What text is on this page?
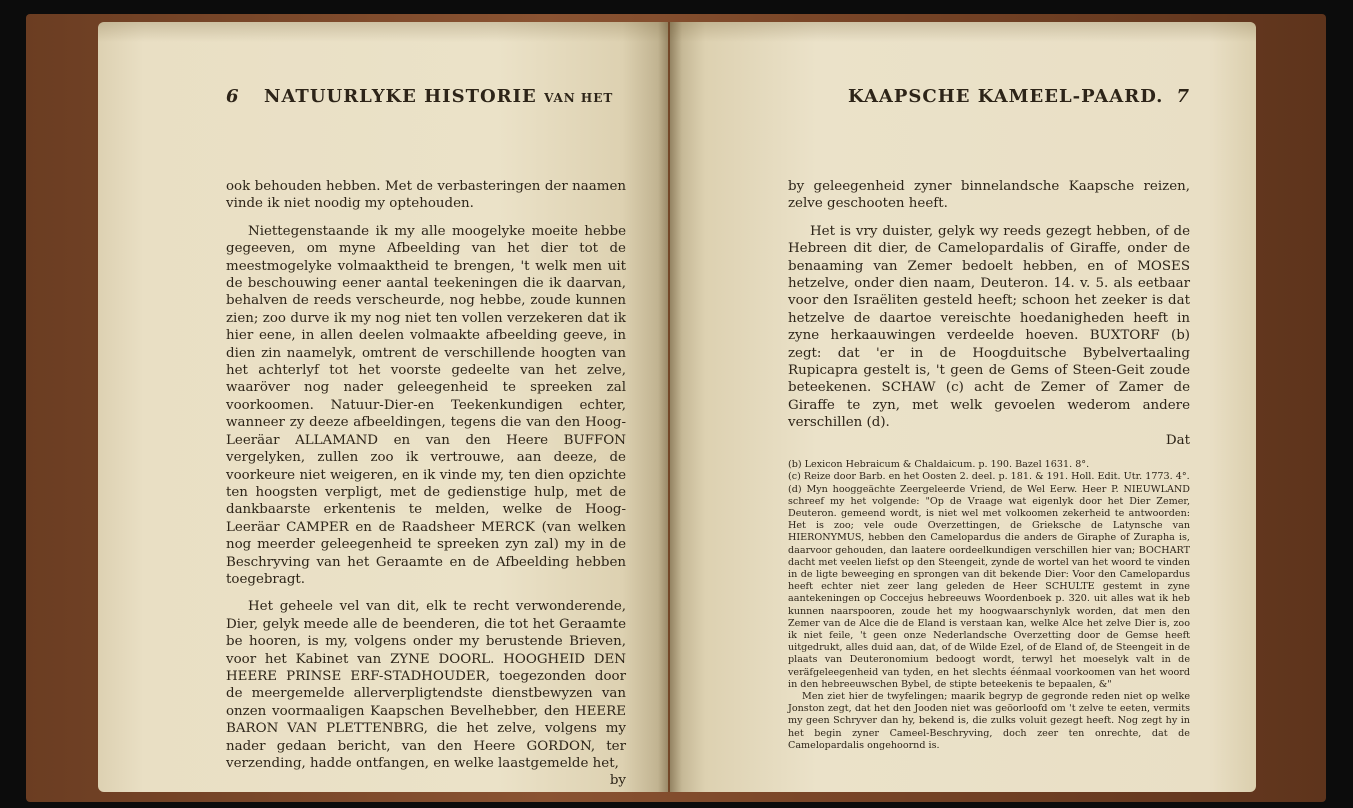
6 NATUURLYKE HISTORIE VAN HET

ook behouden hebben. Met de verbasteringen der naamen vinde ik niet noodig my optehouden.

Niettegenstaande ik my alle moogelyke moeite hebbe gegeeven, om myne Afbeelding van het dier tot de meestmogelyke volmaaktheid te brengen, 't welk men uit de beschouwing eener aantal teekeningen die ik daarvan, behalven de reeds verscheurde, nog hebbe, zoude kunnen zien; zoo durve ik my nog niet ten vollen verzekeren dat ik hier eene, in allen deelen volmaakte afbeelding geeve, in dien zin naamelyk, omtrent de verschillende hoogten van het achterlyf tot het voorste gedeelte van het zelve, waaröver nog nader geleegenheid te spreeken zal voorkoomen. Natuur-Dier-en Teekenkundigen echter, wanneer zy deeze afbeeldingen, tegens die van den Hoog-Leeräar ALLAMAND en van den Heere BUFFON vergelyken, zullen zoo ik vertrouwe, aan deeze, de voorkeure niet weigeren, en ik vinde my, ten dien opzichte ten hoogsten verpligt, met de gedienstige hulp, met de dankbaarste erkentenis te melden, welke de Hoog-Leeräar CAMPER en de Raadsheer MERCK (van welken nog meerder geleegenheid te spreeken zyn zal) my in de Beschryving van het Geraamte en de Afbeelding hebben toegebragt.

Het geheele vel van dit, elk te recht verwonderende, Dier, gelyk meede alle de beenderen, die tot het Geraamte be hooren, is my, volgens onder my berustende Brieven, voor het Kabinet van ZYNE DOORL. HOOGHEID DEN HEERE PRINSE ERF-STADHOUDER, toegezonden door de meergemelde allerverpligtendste dienstbewyzen van onzen voormaaligen Kaapschen Bevelhebber, den HEERE BARON VAN PLETTENBRG, die het zelve, volgens my nader gedaan bericht, van den Heere GORDON, ter verzending, hadde ontfangen, en welke laastgemelde het,

by

KAAPSCHE KAMEEL-PAARD. 7

by geleegenheid zyner binnelandsche Kaapsche reizen, zelve geschooten heeft.

Het is vry duister, gelyk wy reeds gezegt hebben, of de Hebreen dit dier, de Camelopardalis of Giraffe, onder de benaaming van Zemer bedoelt hebben, en of MOSES hetzelve, onder dien naam, Deuteron. 14. v. 5. als eetbaar voor den Israëliten gesteld heeft; schoon het zeeker is dat hetzelve de daartoe vereischte hoedanigheden heeft in zyne herkaauwingen verdeelde hoeven. BUXTORF (b) zegt: dat 'er in de Hoogduitsche Bybelvertaaling Rupicapra gestelt is, 't geen de Gems of Steen-Geit zoude beteekenen. SCHAW (c) acht de Zemer of Zamer de Giraffe te zyn, met welk gevoelen wederom andere verschillen (d).

Dat

(b) Lexicon Hebraicum & Chaldaicum. p. 190. Bazel 1631. 8°.

(c) Reize door Barb. en het Oosten 2. deel. p. 181. & 191. Holl. Edit. Utr. 1773. 4°.

(d) Myn hooggeächte Zeergeleerde Vriend, de Wel Eerw. Heer P. NIEUWLAND schreef my het volgende: "Op de Vraage wat eigenlyk door het Dier Zemer, Deuteron. gemeend wordt, is niet wel met volkoomen zekerheid te antwoorden: Het is zoo; vele oude Overzettingen, de Grieksche de Latynsche van HIERONYMUS, hebben den Camelopardus die anders de Giraphe of Zurapha is, daarvoor gehouden, dan laatere oordeelkundigen verschillen hier van; BOCHART dacht met veelen liefst op den Steengeit, zynde de wortel van het woord te vinden in de ligte beweeging en sprongen van dit bekende Dier: Voor den Camelopardus heeft echter niet zeer lang geleden de Heer SCHULTE gestemt in zyne aantekeningen op Coccejus hebreeuws Woordenboek p. 320. uit alles wat ik heb kunnen naarspooren, zoude het my hoogwaarschynlyk worden, dat men den Zemer van de Alce die de Eland is verstaan kan, welke Alce het zelve Dier is, zoo ik niet feile, 't geen onze Nederlandsche Overzetting door de Gemse heeft uitgedrukt, alles duid aan, dat, of de Wilde Ezel, of de Eland of, de Steengeit in de plaats van Deuteronomium bedoogt wordt, terwyl het moeselyk valt in de veräfgeleegenheid van tyden, en het slechts éénmaal voorkoomen van het woord in den hebreeuwschen Bybel, de stipte beteekenis te bepaalen, &"

Men ziet hier de twyfelingen; maarik begryp de gegronde reden niet op welke Jonston zegt, dat het den Jooden niet was geöorloofd om 't zelve te eeten, vermits my geen Schryver dan hy, bekend is, die zulks voluit gezegt heeft. Nog zegt hy in het begin zyner Cameel-Beschryving, doch zeer ten onrechte, dat de Camelopardalis ongehoornd is.
